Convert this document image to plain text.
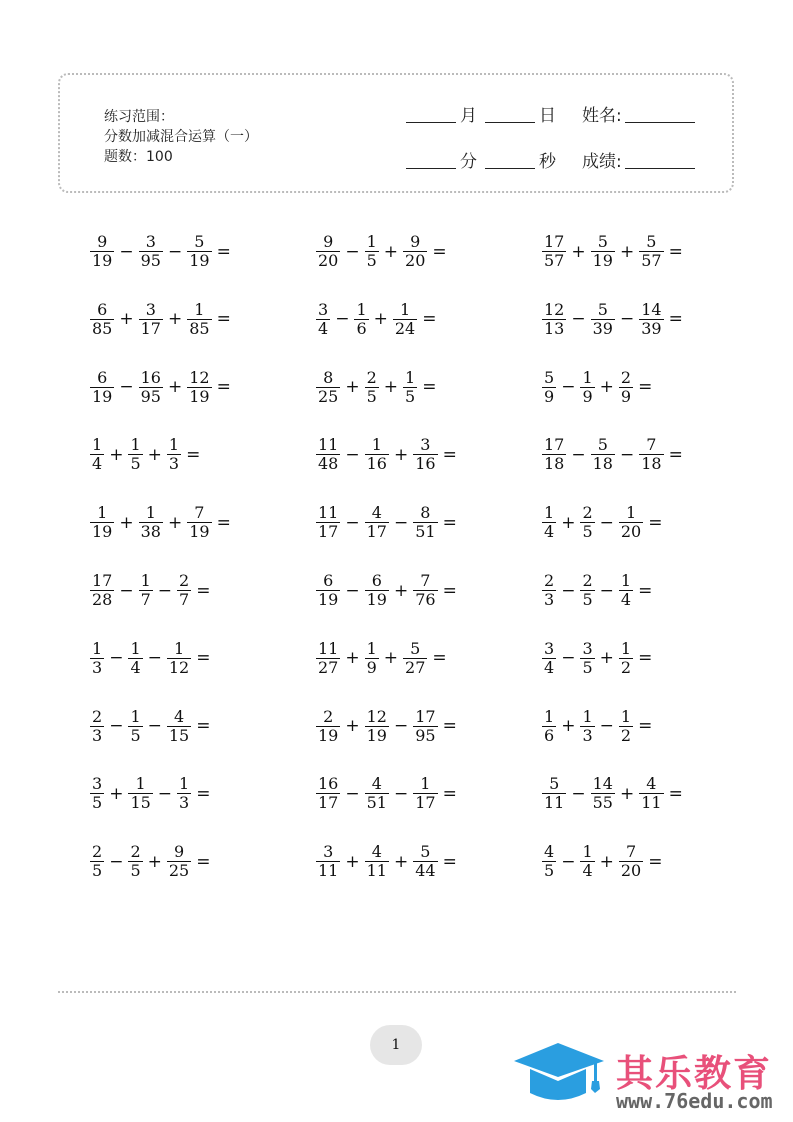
练习范围：
分数加减混合运算（一）
题数：100
月	日 姓名:
分	秒 成绩:
$\frac{9}{19} - \frac{3}{95} - \frac{5}{19}$ =	$\frac{9}{20} - \frac{1}{5} + \frac{9}{20}$ =	$\frac{17}{57} + \frac{5}{19} + \frac{5}{57}$ =
$\frac{6}{85} + \frac{3}{17} + \frac{1}{85}$ =	$\frac{3}{4} - \frac{1}{6} + \frac{1}{24}$ =	$\frac{12}{13} - \frac{5}{39} - \frac{14}{39}$ =
$\frac{6}{19} - \frac{16}{95} + \frac{12}{19}$ =	$\frac{8}{25} + \frac{2}{5} + \frac{1}{5}$ =	$\frac{5}{9} - \frac{1}{9} + \frac{2}{9}$ =
$\frac{1}{4} + \frac{1}{5} + \frac{1}{3}$ =	$\frac{11}{48} - \frac{1}{16} + \frac{3}{16}$ =	$\frac{17}{18} - \frac{5}{18} - \frac{7}{18}$ =
$\frac{1}{19} + \frac{1}{38} + \frac{7}{19}$ =	$\frac{11}{17} - \frac{4}{17} - \frac{8}{51}$ =	$\frac{1}{4} + \frac{2}{5} - \frac{1}{20}$ =
$\frac{17}{28} - \frac{1}{7} - \frac{2}{7}$ =	$\frac{6}{19} - \frac{6}{19} + \frac{7}{76}$ =	$\frac{2}{3} - \frac{2}{5} - \frac{1}{4}$ =
$\frac{1}{3} - \frac{1}{4} - \frac{1}{12}$ =	$\frac{11}{27} + \frac{1}{9} + \frac{5}{27}$ =	$\frac{3}{4} - \frac{3}{5} + \frac{1}{2}$ =
$\frac{2}{3} - \frac{1}{5} - \frac{4}{15}$ =	$\frac{2}{19} + \frac{12}{19} - \frac{17}{95}$ =	$\frac{1}{6} + \frac{1}{3} - \frac{1}{2}$ =
$\frac{3}{5} + \frac{1}{15} - \frac{1}{3}$ =	$\frac{16}{17} - \frac{4}{51} - \frac{1}{17}$ =	$\frac{5}{11} - \frac{14}{55} + \frac{4}{11}$ =
$\frac{2}{5} - \frac{2}{5} + \frac{9}{25}$ =	$\frac{3}{11} + \frac{4}{11} + \frac{5}{44}$ =	$\frac{4}{5} - \frac{1}{4} + \frac{7}{20}$ =
1
其乐教育
www.76edu.com
